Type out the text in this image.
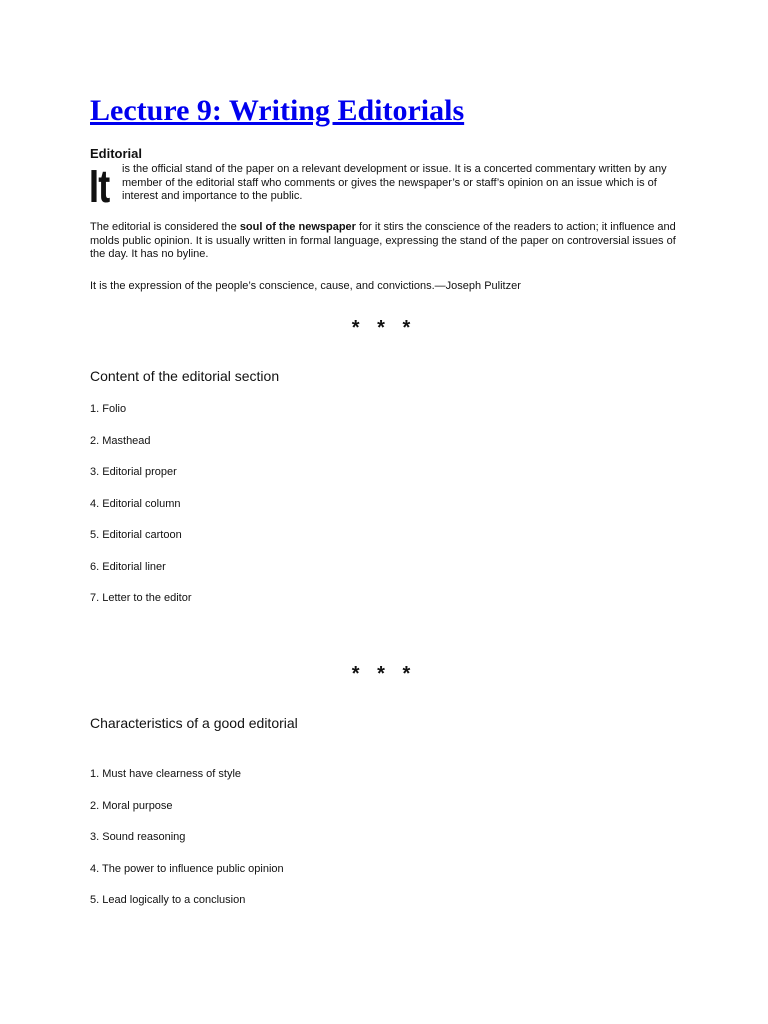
Lecture 9: Writing Editorials
Editorial
It is the official stand of the paper on a relevant development or issue. It is a concerted commentary written by any member of the editorial staff who comments or gives the newspaper’s or staff’s opinion on an issue which is of interest and importance to the public.

The editorial is considered the soul of the newspaper for it stirs the conscience of the readers to action; it influence and molds public opinion. It is usually written in formal language, expressing the stand of the paper on controversial issues of the day. It has no byline.

It is the expression of the people’s conscience, cause, and convictions.—Joseph Pulitzer

* * *
Content of the editorial section
1. Folio
2. Masthead
3. Editorial proper
4. Editorial column
5. Editorial cartoon
6. Editorial liner
7. Letter to the editor
* * *
Characteristics of a good editorial
1. Must have clearness of style
2. Moral purpose
3. Sound reasoning
4. The power to influence public opinion
5. Lead logically to a conclusion
